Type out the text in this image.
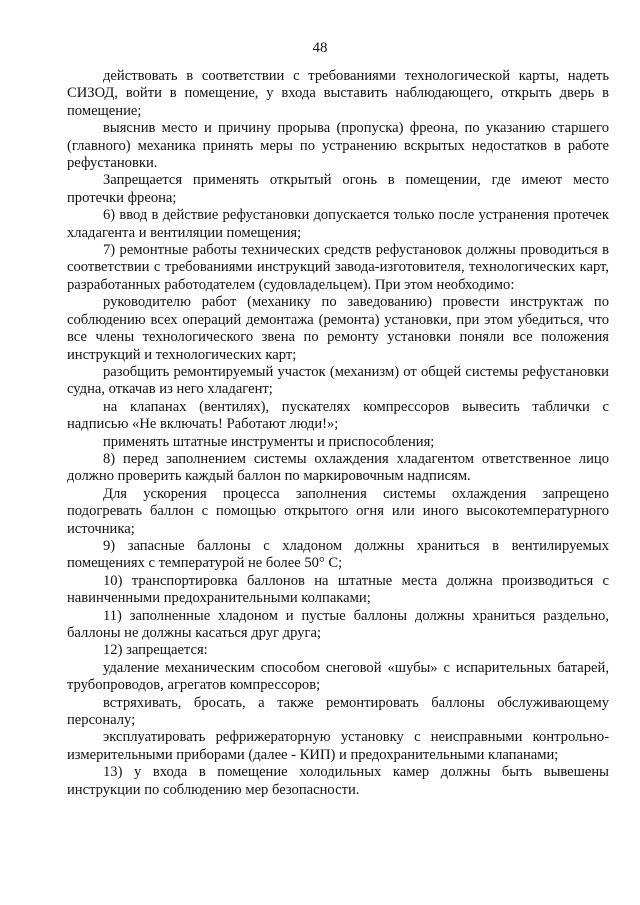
48

действовать в соответствии с требованиями технологической карты, надеть СИЗОД, войти в помещение, у входа выставить наблюдающего, открыть дверь в помещение;

выяснив место и причину прорыва (пропуска) фреона, по указанию старшего (главного) механика принять меры по устранению вскрытых недостатков в работе рефустановки.

Запрещается применять открытый огонь в помещении, где имеют место протечки фреона;

6) ввод в действие рефустановки допускается только после устранения протечек хладагента и вентиляции помещения;

7) ремонтные работы технических средств рефустановок должны проводиться в соответствии с требованиями инструкций завода-изготовителя, технологических карт, разработанных работодателем (судовладельцем). При этом необходимо:

руководителю работ (механику по заведованию) провести инструктаж по соблюдению всех операций демонтажа (ремонта) установки, при этом убедиться, что все члены технологического звена по ремонту установки поняли все положения инструкций и технологических карт;

разобщить ремонтируемый участок (механизм) от общей системы рефустановки судна, откачав из него хладагент;

на клапанах (вентилях), пускателях компрессоров вывесить таблички с надписью «Не включать! Работают люди!»;

применять штатные инструменты и приспособления;

8) перед заполнением системы охлаждения хладагентом ответственное лицо должно проверить каждый баллон по маркировочным надписям.

Для ускорения процесса заполнения системы охлаждения запрещено подогревать баллон с помощью открытого огня или иного высокотемпературного источника;

9) запасные баллоны с хладоном должны храниться в вентилируемых помещениях с температурой не более 50° С;

10) транспортировка баллонов на штатные места должна производиться с навинченными предохранительными колпаками;

11) заполненные хладоном и пустые баллоны должны храниться раздельно, баллоны не должны касаться друг друга;

12) запрещается:

удаление механическим способом снеговой «шубы» с испарительных батарей, трубопроводов, агрегатов компрессоров;

встряхивать, бросать, а также ремонтировать баллоны обслуживающему персоналу;

эксплуатировать рефрижераторную установку с неисправными контрольно-измерительными приборами (далее - КИП) и предохранительными клапанами;

13) у входа в помещение холодильных камер должны быть вывешены инструкции по соблюдению мер безопасности.
